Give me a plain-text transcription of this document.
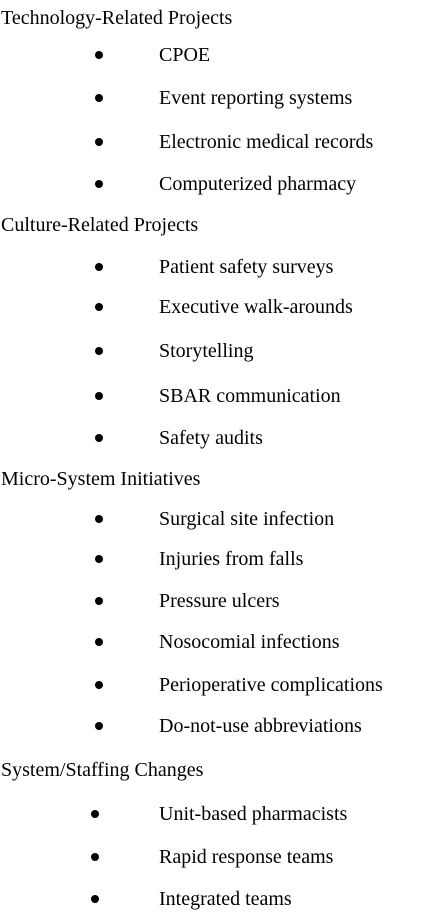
Technology-Related Projects
CPOE
Event reporting systems
Electronic medical records
Computerized pharmacy
Culture-Related Projects
Patient safety surveys
Executive walk-arounds
Storytelling
SBAR communication
Safety audits
Micro-System Initiatives
Surgical site infection
Injuries from falls
Pressure ulcers
Nosocomial infections
Perioperative complications
Do-not-use abbreviations
System/Staffing Changes
Unit-based pharmacists
Rapid response teams
Integrated teams
